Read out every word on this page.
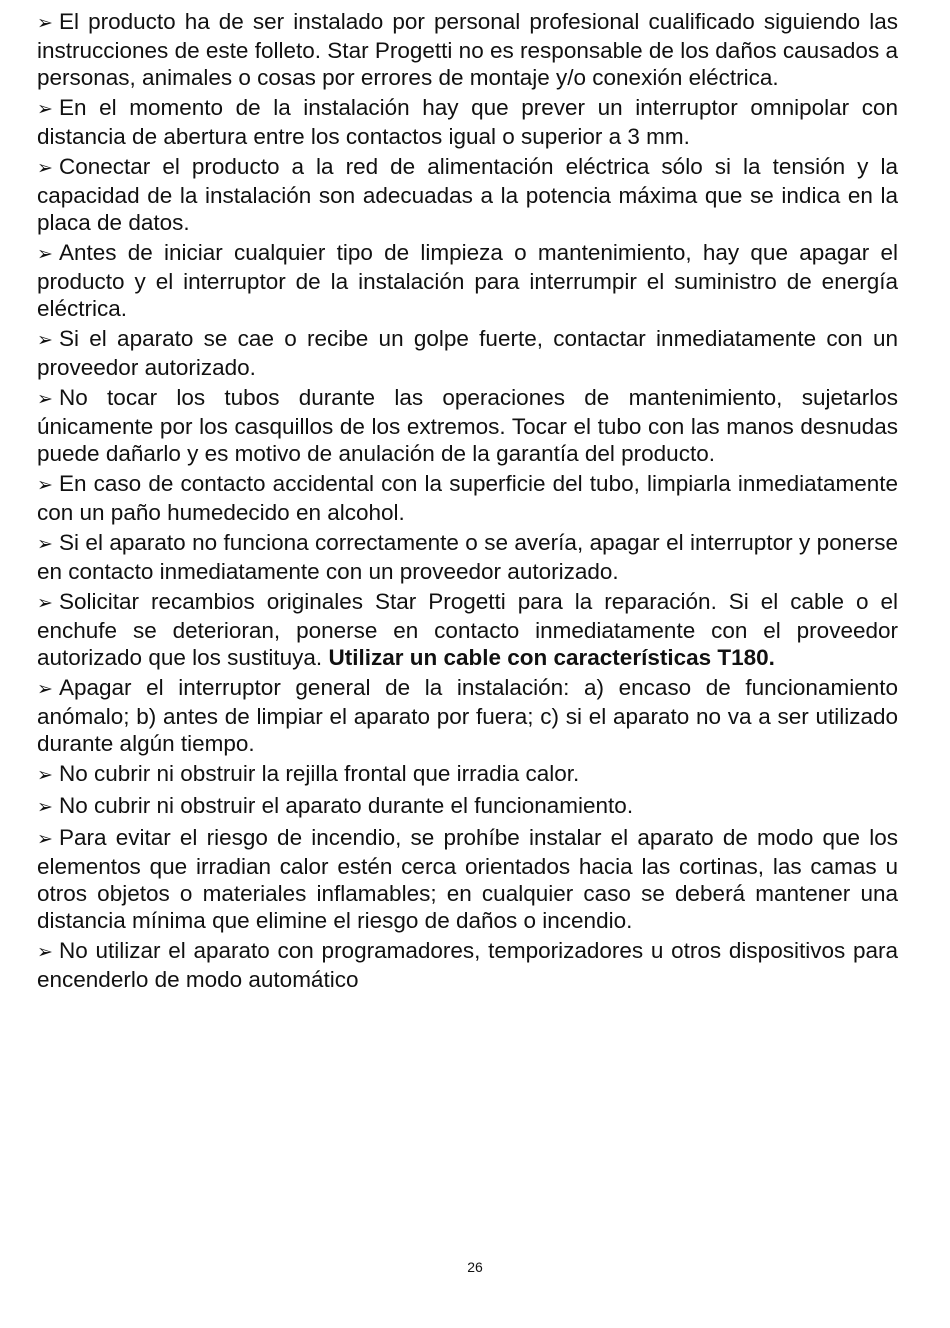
➢ El producto ha de ser instalado por personal profesional cualificado siguiendo las instrucciones de este folleto. Star Progetti no es responsable de los daños causados a personas, animales o cosas por errores de montaje y/o conexión eléctrica.
➢ En el momento de la instalación hay que prever un interruptor omnipolar con distancia de abertura entre los contactos igual o superior a 3 mm.
➢ Conectar el producto a la red de alimentación eléctrica sólo si la tensión y la capacidad de la instalación son adecuadas a la potencia máxima que se indica en la placa de datos.
➢ Antes de iniciar cualquier tipo de limpieza o mantenimiento, hay que apagar el producto y el interruptor de la instalación para interrumpir el suministro de energía eléctrica.
➢ Si el aparato se cae o recibe un golpe fuerte, contactar inmediatamente con un proveedor autorizado.
➢ No tocar los tubos durante las operaciones de mantenimiento, sujetarlos únicamente por los casquillos de los extremos. Tocar el tubo con las manos desnudas puede dañarlo y es motivo de anulación de la garantía del producto.
➢ En caso de contacto accidental con la superficie del tubo, limpiarla inmediatamente con un paño humedecido en alcohol.
➢ Si el aparato no funciona correctamente o se avería, apagar el interruptor y ponerse en contacto inmediatamente con un proveedor autorizado.
➢ Solicitar recambios originales Star Progetti para la reparación. Si el cable o el enchufe se deterioran, ponerse en contacto inmediatamente con el proveedor autorizado que los sustituya. Utilizar un cable con características T180.
➢ Apagar el interruptor general de la instalación: a) encaso de funcionamiento anómalo; b) antes de limpiar el aparato por fuera; c) si el aparato no va a ser utilizado durante algún tiempo.
➢ No cubrir ni obstruir la rejilla frontal que irradia calor.
➢ No cubrir ni obstruir el aparato durante el funcionamiento.
➢ Para evitar el riesgo de incendio, se prohíbe instalar el aparato de modo que los elementos que irradian calor estén cerca orientados hacia las cortinas, las camas u otros objetos o materiales inflamables; en cualquier caso se deberá mantener una distancia mínima que elimine el riesgo de daños o incendio.
➢ No utilizar el aparato con programadores, temporizadores u otros dispositivos para encenderlo de modo automático
26
